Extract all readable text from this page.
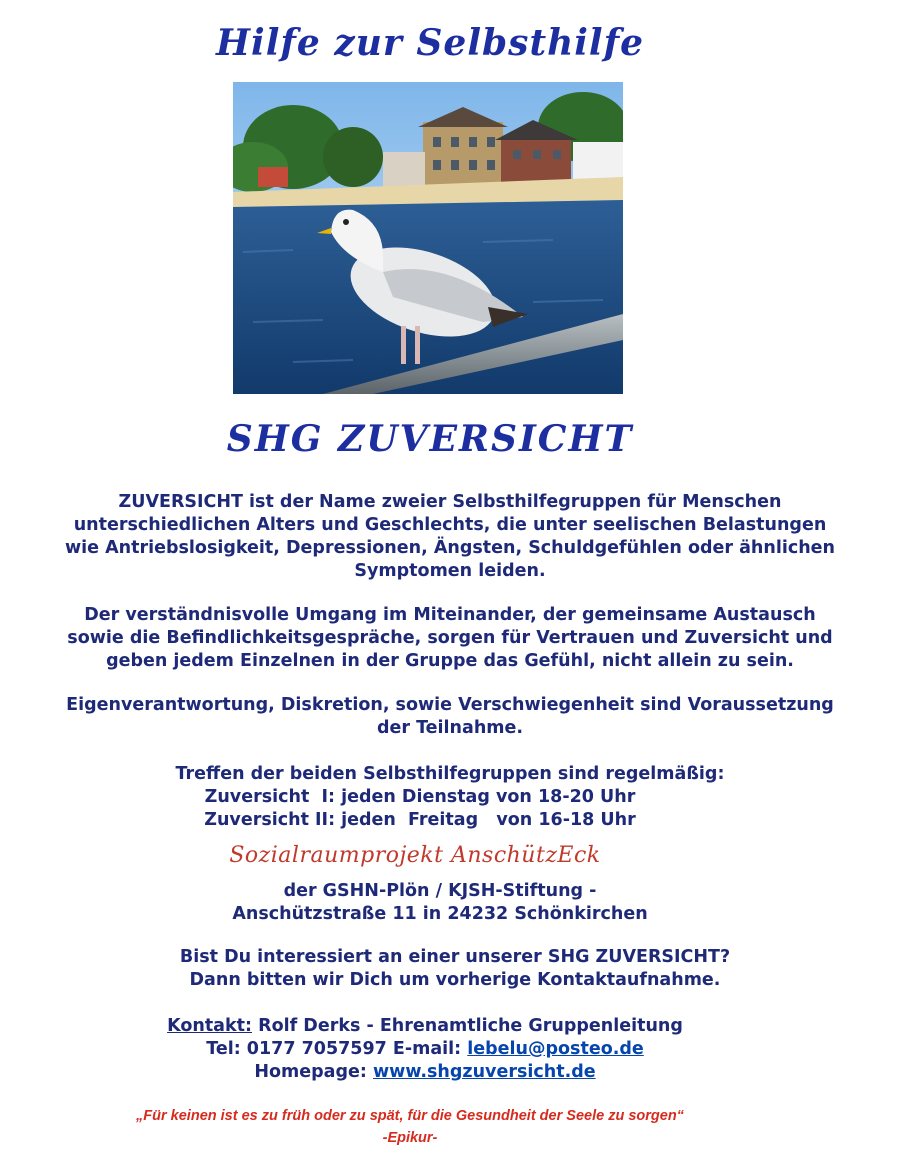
Hilfe zur Selbsthilfe
SHG ZUVERSICHT

ZUVERSICHT ist der Name zweier Selbsthilfegruppen für Menschen
unterschiedlichen Alters und Geschlechts, die unter seelischen Belastungen
wie Antriebslosigkeit, Depressionen, Ängsten, Schuldgefühlen oder ähnlichen
Symptomen leiden.

Der verständnisvolle Umgang im Miteinander, der gemeinsame Austausch
sowie die Befindlichkeitsgespräche, sorgen für Vertrauen und Zuversicht und
geben jedem Einzelnen in der Gruppe das Gefühl, nicht allein zu sein.

Eigenverantwortung, Diskretion, sowie Verschwiegenheit sind Voraussetzung
der Teilnahme.

Treffen der beiden Selbsthilfegruppen sind regelmäßig:
Zuversicht  I: jeden Dienstag von 18-20 Uhr
Zuversicht II: jeden  Freitag   von 16-18 Uhr

Sozialraumprojekt AnschützEck

der GSHN-Plön / KJSH-Stiftung -
Anschützstraße 11 in 24232 Schönkirchen

Bist Du interessiert an einer unserer SHG ZUVERSICHT?
Dann bitten wir Dich um vorherige Kontaktaufnahme.

Kontakt: Rolf Derks - Ehrenamtliche Gruppenleitung
Tel: 0177 7057597 E-mail: lebelu@posteo.de
Homepage: www.shgzuversicht.de
„Für keinen ist es zu früh oder zu spät, für die Gesundheit der Seele zu sorgen“
-Epikur-
